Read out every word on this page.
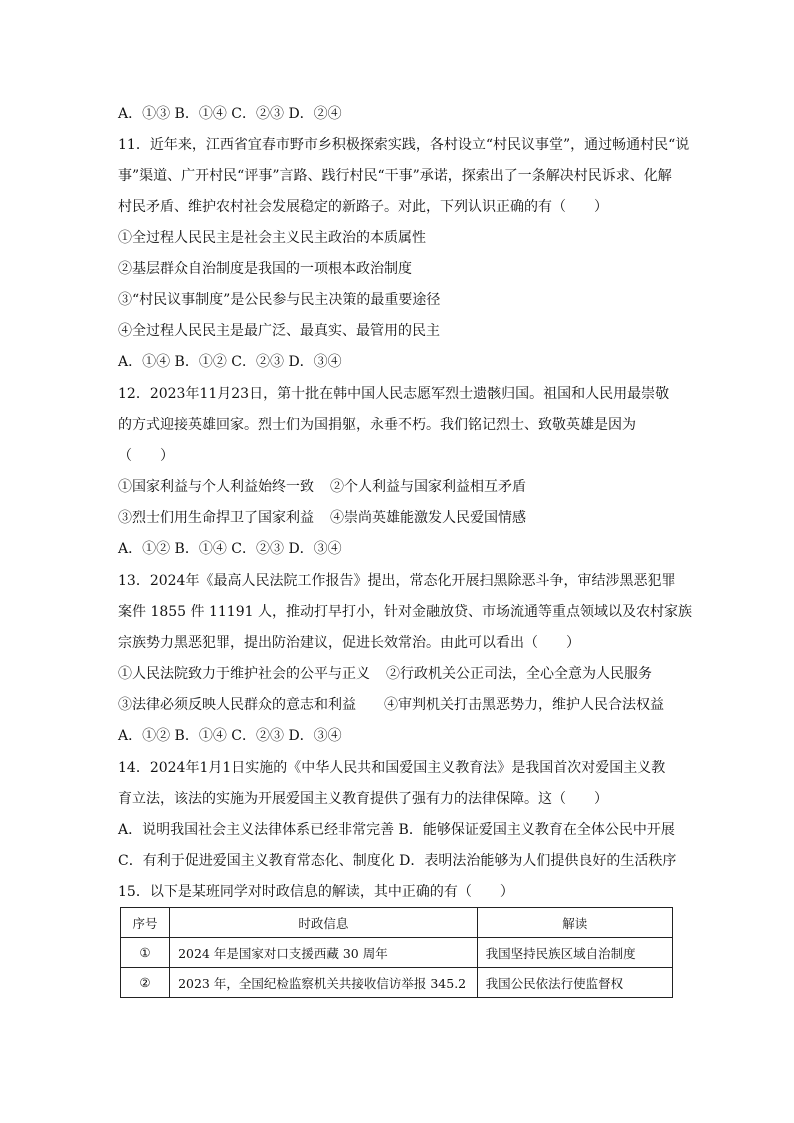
A．①③ B．①④ C．②③ D．②④
11．近年来，江西省宜春市野市乡积极探索实践，各村设立“村民议事堂”，通过畅通村民“说
事”渠道、广开村民“评事”言路、践行村民“干事”承诺，探索出了一条解决村民诉求、化解
村民矛盾、维护农村社会发展稳定的新路子。对此，下列认识正确的有（　　）
①全过程人民民主是社会主义民主政治的本质属性
②基层群众自治制度是我国的一项根本政治制度
③“村民议事制度”是公民参与民主决策的最重要途径
④全过程人民民主是最广泛、最真实、最管用的民主
A．①④ B．①② C．②③ D．③④
12．2023年11月23日，第十批在韩中国人民志愿军烈士遗骸归国。祖国和人民用最崇敬
的方式迎接英雄回家。烈士们为国捐躯，永垂不朽。我们铭记烈士、致敬英雄是因为
（　　）
①国家利益与个人利益始终一致 ②个人利益与国家利益相互矛盾
③烈士们用生命捍卫了国家利益 ④崇尚英雄能激发人民爱国情感
A．①② B．①④ C．②③ D．③④
13．2024年《最高人民法院工作报告》提出，常态化开展扫黑除恶斗争，审结涉黑恶犯罪
案件 1855 件 11191 人，推动打早打小，针对金融放贷、市场流通等重点领域以及农村家族
宗族势力黑恶犯罪，提出防治建议，促进长效常治。由此可以看出（　　）
①人民法院致力于维护社会的公平与正义 ②行政机关公正司法，全心全意为人民服务
③法律必须反映人民群众的意志和利益 ④审判机关打击黑恶势力，维护人民合法权益
A．①② B．①④ C．②③ D．③④
14．2024年1月1日实施的《中华人民共和国爱国主义教育法》是我国首次对爱国主义教
育立法，该法的实施为开展爱国主义教育提供了强有力的法律保障。这（　　）
A．说明我国社会主义法律体系已经非常完善 B．能够保证爱国主义教育在全体公民中开展
C．有利于促进爱国主义教育常态化、制度化 D．表明法治能够为人们提供良好的生活秩序
15．以下是某班同学对时政信息的解读，其中正确的有（　　）
序号	时政信息	解读
①	2024 年是国家对口支援西藏 30 周年	我国坚持民族区域自治制度
②	2023 年，全国纪检监察机关共接收信访举报 345.2	我国公民依法行使监督权
